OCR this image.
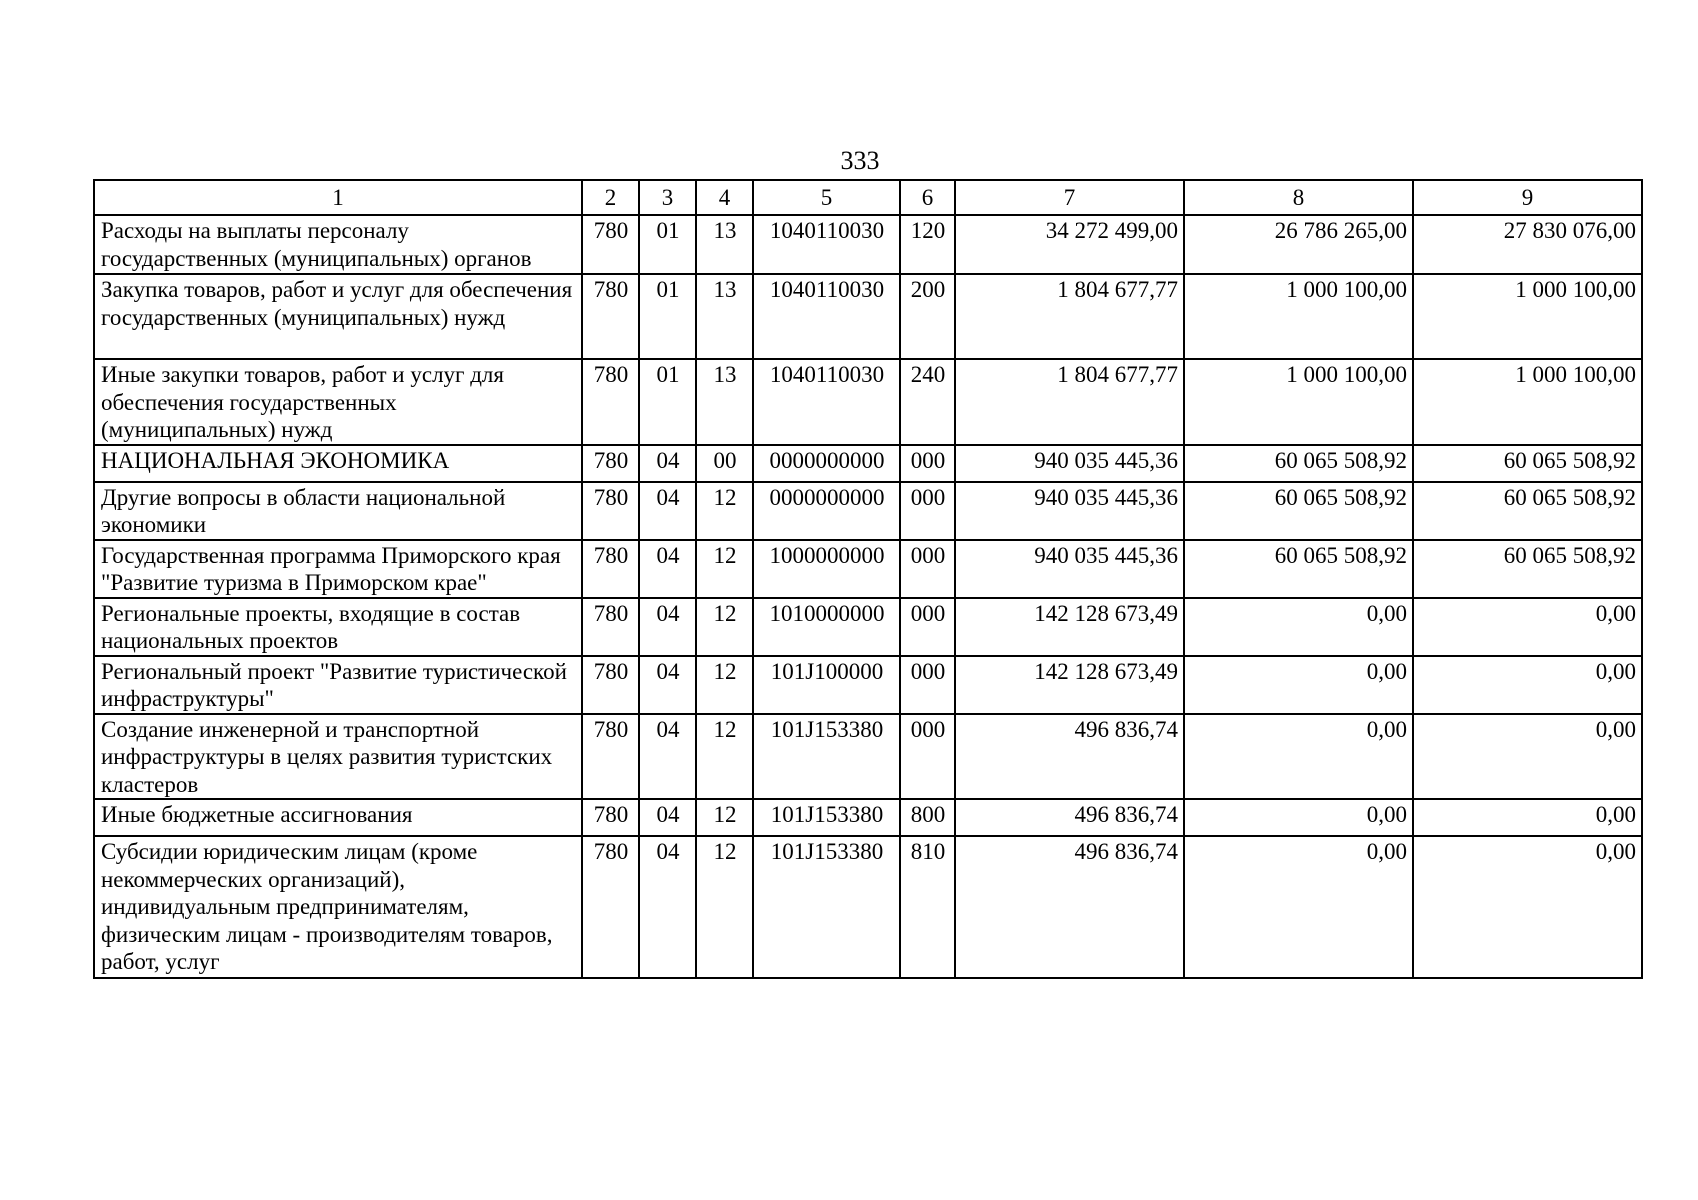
333
1	2	3	4	5	6	7	8	9
Расходы на выплаты персоналу государственных (муниципальных) органов	780	01	13	1040110030	120	34 272 499,00	26 786 265,00	27 830 076,00
Закупка товаров, работ и услуг для обеспечения государственных (муниципальных) нужд	780	01	13	1040110030	200	1 804 677,77	1 000 100,00	1 000 100,00
Иные закупки товаров, работ и услуг для обеспечения государственных (муниципальных) нужд	780	01	13	1040110030	240	1 804 677,77	1 000 100,00	1 000 100,00
НАЦИОНАЛЬНАЯ ЭКОНОМИКА	780	04	00	0000000000	000	940 035 445,36	60 065 508,92	60 065 508,92
Другие вопросы в области национальной экономики	780	04	12	0000000000	000	940 035 445,36	60 065 508,92	60 065 508,92
Государственная программа Приморского края "Развитие туризма в Приморском крае"	780	04	12	1000000000	000	940 035 445,36	60 065 508,92	60 065 508,92
Региональные проекты, входящие в состав национальных проектов	780	04	12	1010000000	000	142 128 673,49	0,00	0,00
Региональный проект "Развитие туристической инфраструктуры"	780	04	12	101J100000	000	142 128 673,49	0,00	0,00
Создание инженерной и транспортной инфраструктуры в целях развития туристских кластеров	780	04	12	101J153380	000	496 836,74	0,00	0,00
Иные бюджетные ассигнования	780	04	12	101J153380	800	496 836,74	0,00	0,00
Субсидии юридическим лицам (кроме некоммерческих организаций), индивидуальным предпринимателям, физическим лицам - производителям товаров, работ, услуг	780	04	12	101J153380	810	496 836,74	0,00	0,00
